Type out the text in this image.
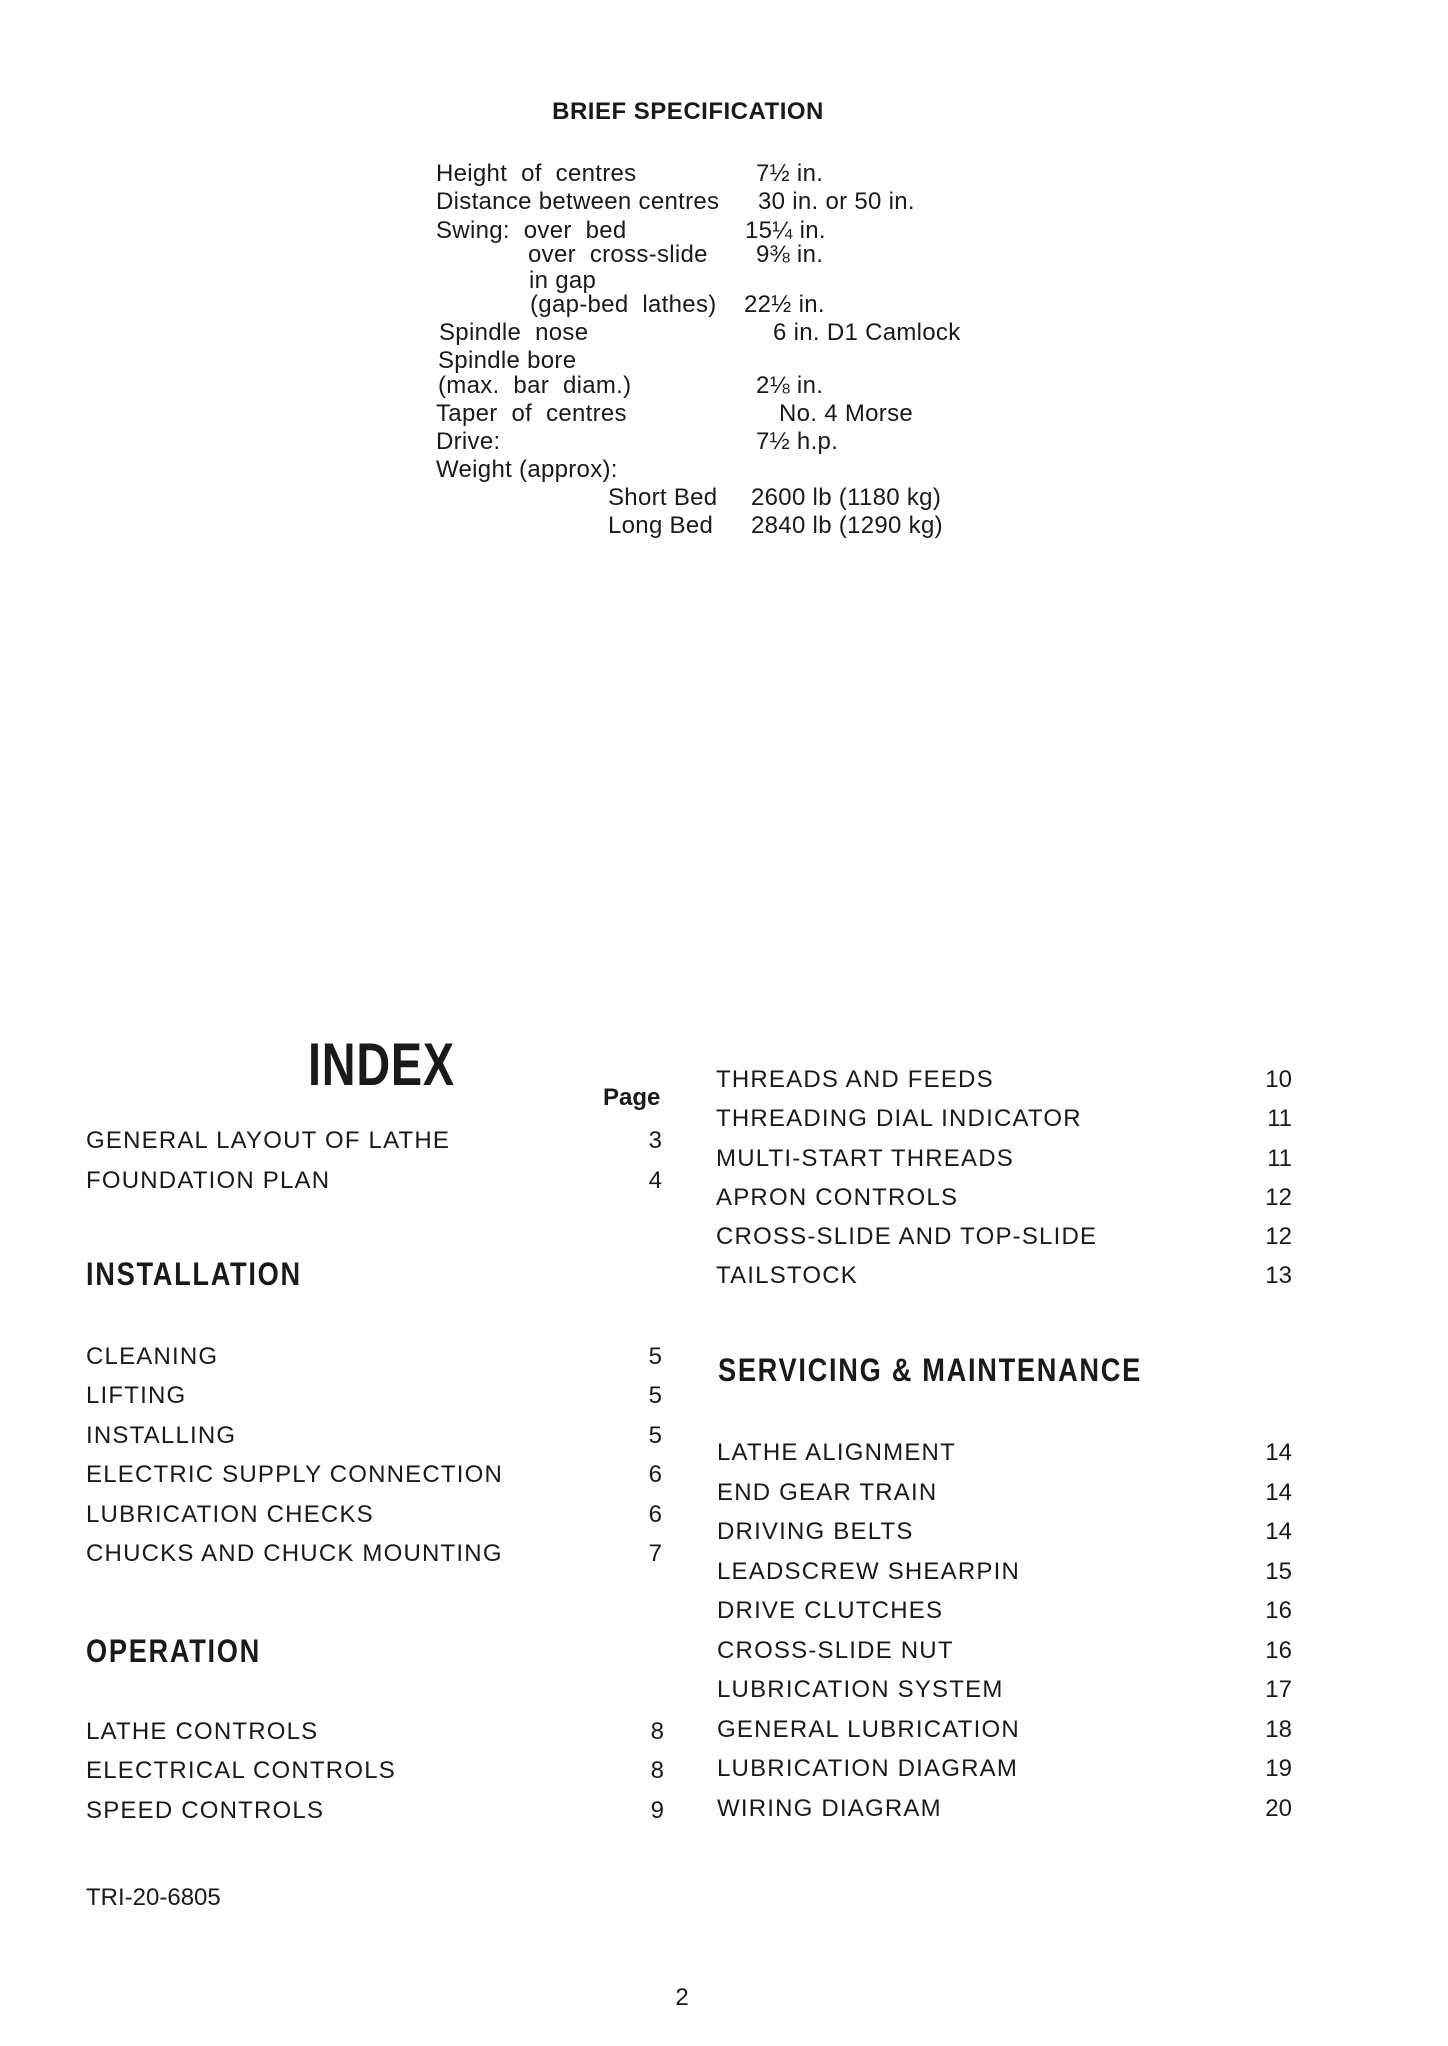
BRIEF SPECIFICATION
Height  of  centres	7½ in.
Distance between centres 30 in. or 50 in.
Swing:  over  bed	15¼ in.
over  cross-slide 9⅜ in.
in gap
(gap-bed  lathes) 22½ in.
Spindle  nose	6 in. D1 Camlock
Spindle bore
(max.  bar  diam.)	2⅛ in.
Taper  of  centres	No. 4 Morse
Drive:	7½ h.p.
Weight (approx):
Short Bed 2600 lb (1180 kg)
Long Bed 2840 lb (1290 kg)
INDEX	Page
GENERAL LAYOUT OF LATHE	3
FOUNDATION PLAN	4
INSTALLATION
CLEANING	5
LIFTING	5
INSTALLING	5
ELECTRIC SUPPLY CONNECTION	6
LUBRICATION CHECKS	6
CHUCKS AND CHUCK MOUNTING	7
OPERATION
LATHE CONTROLS	8
ELECTRICAL CONTROLS	8
SPEED CONTROLS	9
THREADS AND FEEDS	10
THREADING DIAL INDICATOR	11
MULTI-START THREADS	11
APRON CONTROLS	12
CROSS-SLIDE AND TOP-SLIDE	12
TAILSTOCK	13
SERVICING & MAINTENANCE
LATHE ALIGNMENT	14
END GEAR TRAIN	14
DRIVING BELTS	14
LEADSCREW SHEARPIN	15
DRIVE CLUTCHES	16
CROSS-SLIDE NUT	16
LUBRICATION SYSTEM	17
GENERAL LUBRICATION	18
LUBRICATION DIAGRAM	19
WIRING DIAGRAM	20
TRI-20-6805
2
